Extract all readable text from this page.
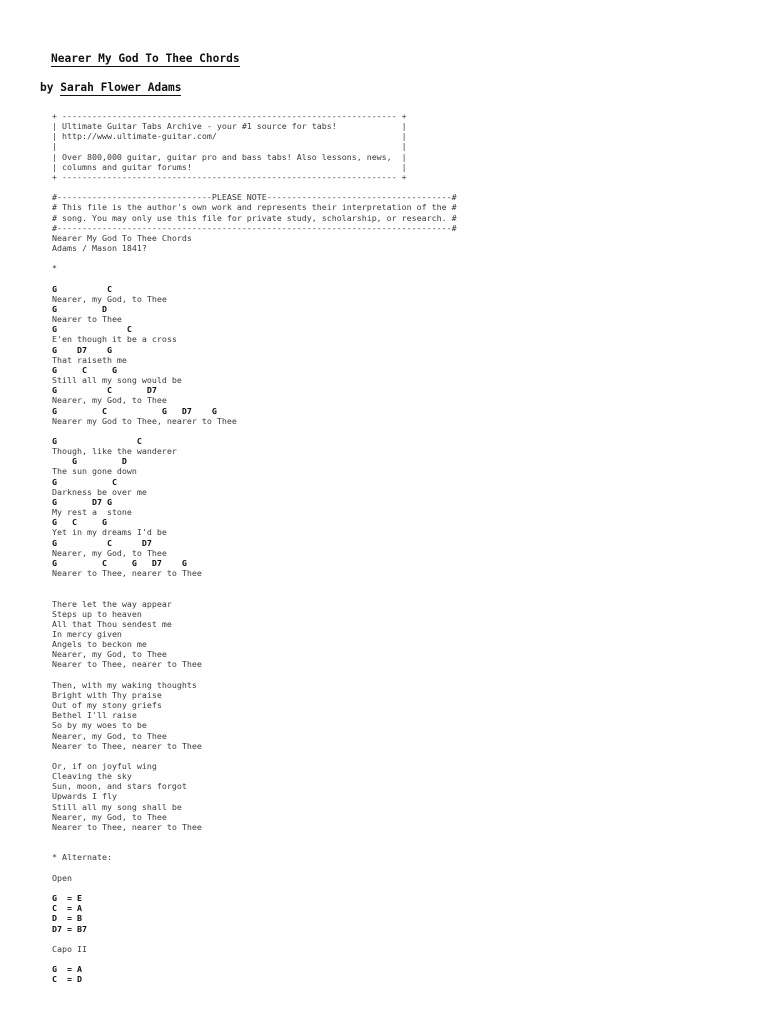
Nearer My God To Thee Chords
by Sarah Flower Adams
+ ------------------------------------------------------------------- +
| Ultimate Guitar Tabs Archive - your #1 source for tabs!             |
| http://www.ultimate-guitar.com/                                     |
|                                                                     |
| Over 800,000 guitar, guitar pro and bass tabs! Also lessons, news,  |
| columns and guitar forums!                                          |
+ ------------------------------------------------------------------- +
#-------------------------------PLEASE NOTE-------------------------------------#
# This file is the author's own work and represents their interpretation of the #
# song. You may only use this file for private study, scholarship, or research. #
#-------------------------------------------------------------------------------#
Nearer My God To Thee Chords
Adams / Mason 1841?
*
G          C
Nearer, my God, to Thee
G         D
Nearer to Thee
G              C
E'en though it be a cross
G    D7    G
That raiseth me
G     C     G
Still all my song would be
G          C       D7
Nearer, my God, to Thee
G         C           G   D7    G
Nearer my God to Thee, nearer to Thee
G                C
Though, like the wanderer
G         D
The sun gone down
G           C
Darkness be over me
G       D7 G
My rest a  stone
G   C     G
Yet in my dreams I'd be
G          C      D7
Nearer, my God, to Thee
G         C     G   D7    G
Nearer to Thee, nearer to Thee
There let the way appear
Steps up to heaven
All that Thou sendest me
In mercy given
Angels to beckon me
Nearer, my God, to Thee
Nearer to Thee, nearer to Thee
Then, with my waking thoughts
Bright with Thy praise
Out of my stony griefs
Bethel I'll raise
So by my woes to be
Nearer, my God, to Thee
Nearer to Thee, nearer to Thee
Or, if on joyful wing
Cleaving the sky
Sun, moon, and stars forgot
Upwards I fly
Still all my song shall be
Nearer, my God, to Thee
Nearer to Thee, nearer to Thee
* Alternate:
Open
G  = E
C  = A
D  = B
D7 = B7
Capo II
G  = A
C  = D
